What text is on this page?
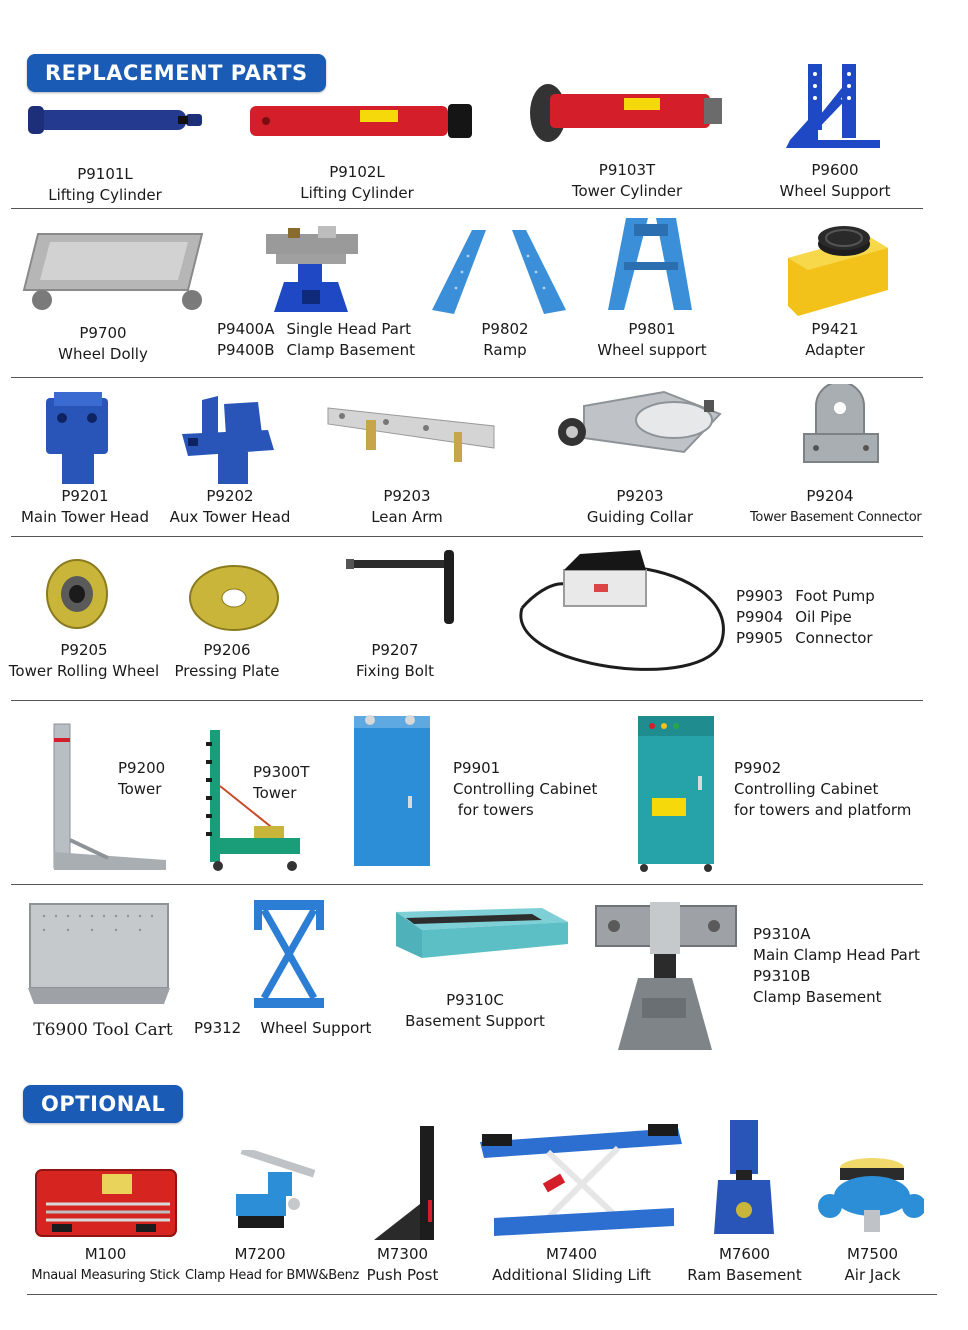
REPLACEMENT PARTS
P9101L
Lifting Cylinder
P9102L
Lifting Cylinder
P9103T
Tower Cylinder
P9600
Wheel Support
P9700
Wheel Dolly
P9400A Single Head Part
P9400B Clamp Basement
P9802
Ramp
P9801
Wheel support
P9421
Adapter
P9201
Main Tower Head
P9202
Aux Tower Head
P9203
Lean Arm
P9203
Guiding Collar
P9204
Tower Basement Connector
P9205
Tower Rolling Wheel
P9206
Pressing Plate
P9207
Fixing Bolt
P9903 Foot Pump
P9904 Oil Pipe
P9905 Connector
P9200
Tower
P9300T
Tower
P9901
Controlling Cabinet
for towers
P9902
Controlling Cabinet
for towers and platform
T6900 Tool Cart	P9312 Wheel Support
P9310C
Basement Support
P9310A
Main Clamp Head Part
P9310B
Clamp Basement
OPTIONAL
M100
Mnaual Measuring Stick
M7200
Clamp Head for BMW&Benz
M7300
Push Post
M7400
Additional Sliding Lift
M7600
Ram Basement
M7500
Air Jack
